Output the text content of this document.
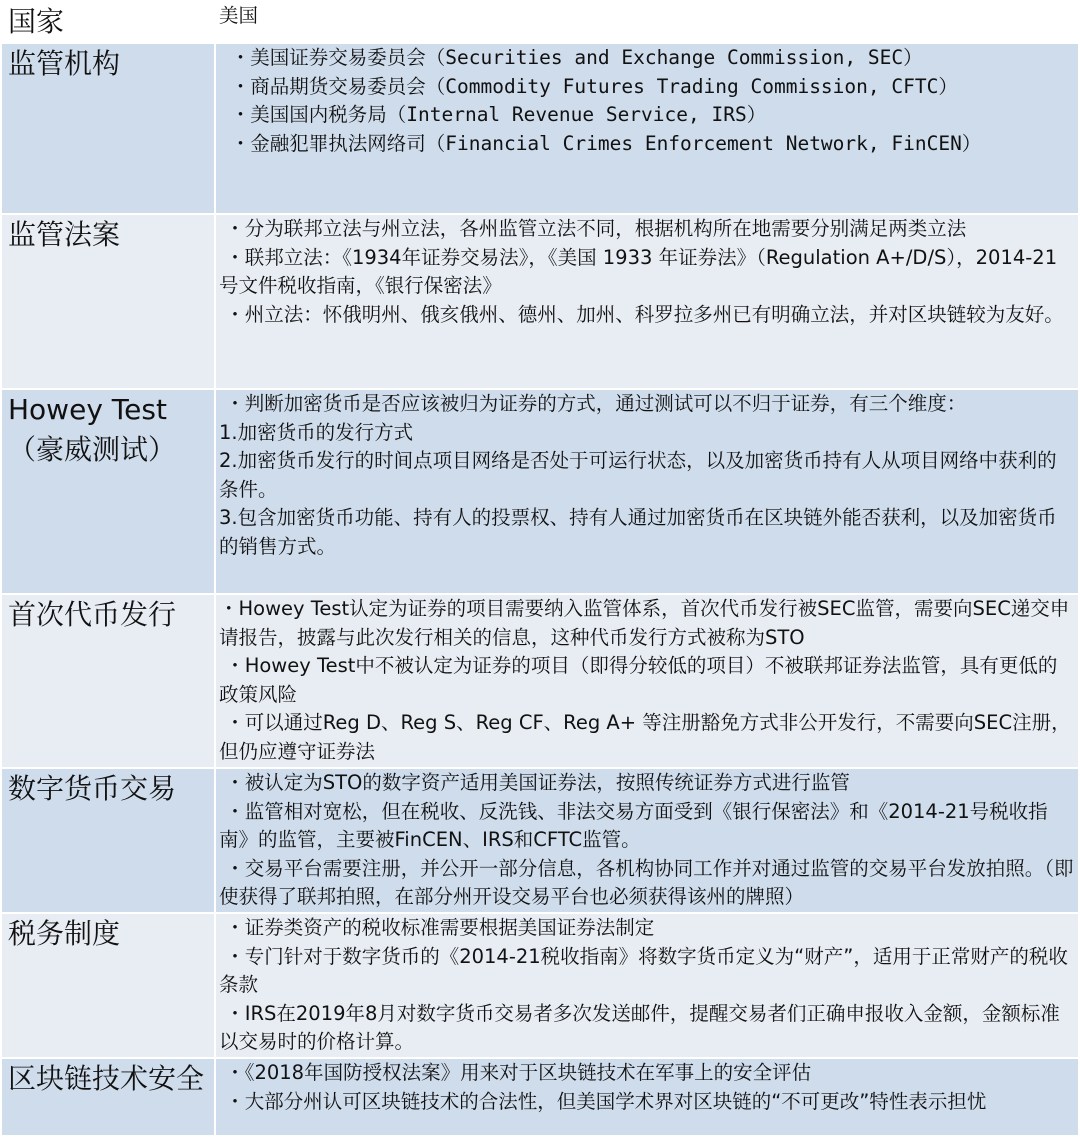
国家	美国

监管机构	・美国证券交易委员会（Securities and Exchange Commission, SEC）
・商品期货交易委员会（Commodity Futures Trading Commission, CFTC）
・美国国内税务局（Internal Revenue Service, IRS）
・金融犯罪执法网络司（Financial Crimes Enforcement Network, FinCEN）

监管法案	・分为联邦立法与州立法，各州监管立法不同，根据机构所在地需要分别满足两类立法
・联邦立法：《1934年证券交易法》，《美国 1933 年证券法》（Regulation A+/D/S），2014-21号文件税收指南，《银行保密法》
・州立法：怀俄明州、俄亥俄州、德州、加州、科罗拉多州已有明确立法，并对区块链较为友好。

Howey Test
（豪威测试）	・判断加密货币是否应该被归为证券的方式，通过测试可以不归于证券，有三个维度：
1.加密货币的发行方式
2.加密货币发行的时间点项目网络是否处于可运行状态，以及加密货币持有人从项目网络中获利的条件。
3.包含加密货币功能、持有人的投票权、持有人通过加密货币在区块链外能否获利，以及加密货币的销售方式。

首次代币发行	・Howey Test认定为证券的项目需要纳入监管体系，首次代币发行被SEC监管，需要向SEC递交申请报告，披露与此次发行相关的信息，这种代币发行方式被称为STO
・Howey Test中不被认定为证券的项目（即得分较低的项目）不被联邦证券法监管，具有更低的政策风险
・可以通过Reg D、Reg S、Reg CF、Reg A+ 等注册豁免方式非公开发行，不需要向SEC注册，但仍应遵守证券法

数字货币交易	・被认定为STO的数字资产适用美国证券法，按照传统证券方式进行监管
・监管相对宽松，但在税收、反洗钱、非法交易方面受到《银行保密法》和《2014-21号税收指南》的监管，主要被FinCEN、IRS和CFTC监管。
・交易平台需要注册，并公开一部分信息，各机构协同工作并对通过监管的交易平台发放拍照。（即使获得了联邦拍照，在部分州开设交易平台也必须获得该州的牌照）

税务制度	・证券类资产的税收标准需要根据美国证券法制定
・专门针对于数字货币的《2014-21税收指南》将数字货币定义为“财产”，适用于正常财产的税收条款
・IRS在2019年8月对数字货币交易者多次发送邮件，提醒交易者们正确申报收入金额，金额标准以交易时的价格计算。

区块链技术安全	・《2018年国防授权法案》用来对于区块链技术在军事上的安全评估
・大部分州认可区块链技术的合法性，但美国学术界对区块链的“不可更改”特性表示担忧
